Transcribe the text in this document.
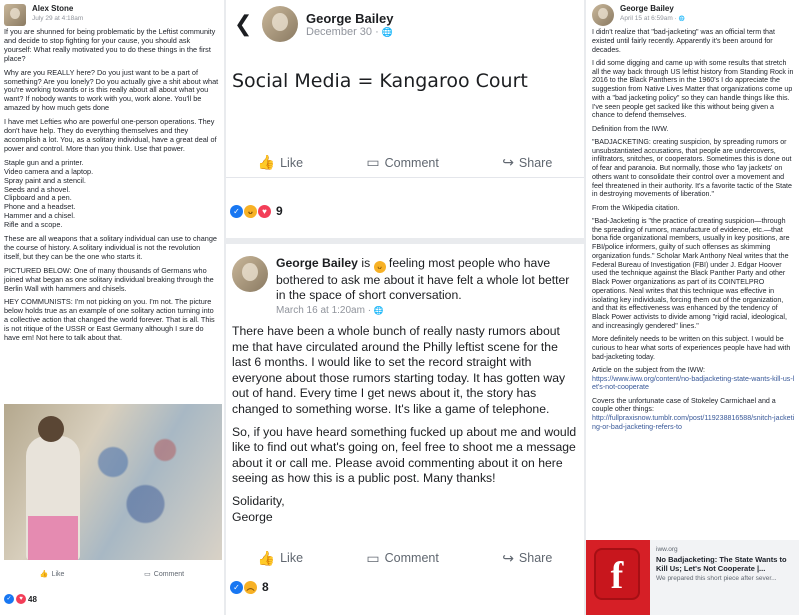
Alex Stone
July 29 at 4:18am

If you are shunned for being problematic by the Leftist community and decide to stop fighting for your cause, you should ask yourself: What really motivated you to do these things in the first place?

Why are you REALLY here? Do you just want to be a part of something? Are you lonely? Do you actually give a shit about what you're working towards or is this really about all about what you want? If nobody wants to work with you, work alone. You'll be amazed by how much gets done

I have met Lefties who are powerful one-person operations. They don't have help. They do everything themselves and they accomplish a lot. You, as a solitary individual, have a great deal of power and control. More than you think. Use that power.

Staple gun and a printer.
Video camera and a laptop.
Spray paint and a stencil.
Seeds and a shovel.
Clipboard and a pen.
Phone and a headset.
Hammer and a chisel.
Rifle and a scope.

These are all weapons that a solitary individual can use to change the course of history. A solitary individual is not the revolution itself, but they can be the one who starts it.

PICTURED BELOW: One of many thousands of Germans who joined what began as one solitary individual breaking through the Berlin Wall with hammers and chisels.

HEY COMMUNISTS: I'm not picking on you. I'm not. The picture below holds true as an example of one solitary action turning into a collective action that changed the world forever. That is all. This is not ritique of the USSR or East Germany although I sure do have em! Not here to talk about that.

👍 Like	▭ Comment
✓	♥ 48
❮	George Bailey
December 30 · 🌐
Social Media = Kangaroo Court
👍 Like	▭ Comment	↪ Share
✓	ᴗ	♥ 9
George Bailey is ᴗ feeling most people who have bothered to ask me about it have felt a whole lot better in the space of short conversation.
March 16 at 1:20am · 🌐

There have been a whole bunch of really nasty rumors about me that have circulated around the Philly leftist scene for the last 6 months. I would like to set the record straight with everyone about those rumors starting today. It has gotten way out of hand. Every time I get news about it, the story has changed to something worse. It's like a game of telephone.

So, if you have heard something fucked up about me and would like to find out what's going on, feel free to shoot me a message about it or call me. Please avoid commenting about it on here seeing as how this is a public post. Many thanks!

Solidarity,

George

👍 Like	▭ Comment	↪ Share
✓ ︵ 8
George Bailey
April 15 at 6:59am · 🌐

I didn't realize that "bad-jacketing" was an official term that existed until fairly recently. Apparently it's been around for decades.

I did some digging and came up with some results that stretch all the way back through US leftist history from Standing Rock in 2016 to the Black Panthers in the 1960's I do appreciate the suggestion from Native Lives Matter that organizations come up with a "bad jacketing policy" so they can handle things like this. I've seen people get sacked like this without being given a chance to defend themselves.

Definition from the IWW.

"BADJACKETING: creating suspicion, by spreading rumors or unsubstantiated accusations, that people are undercovers, infiltrators, snitches, or cooperators. Sometimes this is done out of fear and paranoia. But normally, those who 'lay jackets' on others want to consolidate their control over a movement and feel threatened in their authority. It's a favorite tactic of the State in destroying movements of liberation."

From the Wikipedia citation.

"Bad-Jacketing is "the practice of creating suspicion—through the spreading of rumors, manufacture of evidence, etc.—that bona fide organizational members, usually in key positions, are FBI/police informers, guilty of such offenses as skimming organization funds." Scholar Mark Anthony Neal writes that the Federal Bureau of Investigation (FBI) under J. Edgar Hoover used the technique against the Black Panther Party and other Black Power organizations as part of its COINTELPRO operations. Neal writes that this technique was effective in isolating key individuals, forcing them out of the organization, and that its effectiveness was enhanced by the tendency of Black Power activists to divide among "rigid racial, ideological, and increasingly gendered" lines."

More definitely needs to be written on this subject. I would be curious to hear what sorts of experiences people have had with bad-jacketing today.

Article on the subject from the IWW:

https://www.iww.org/content/no-badjacketing-state-wants-kill-us-let's-not-cooperate

Covers the unfortunate case of Stokeley Carmichael and a couple other things:

http://fullpraxisnow.tumblr.com/post/119238816588/snitch-jacketing-or-bad-jacketing-refers-to

f
iww.org
No Badjacketing: The State Wants to Kill Us; Let's Not Cooperate |...
We prepared this short piece after sever...
